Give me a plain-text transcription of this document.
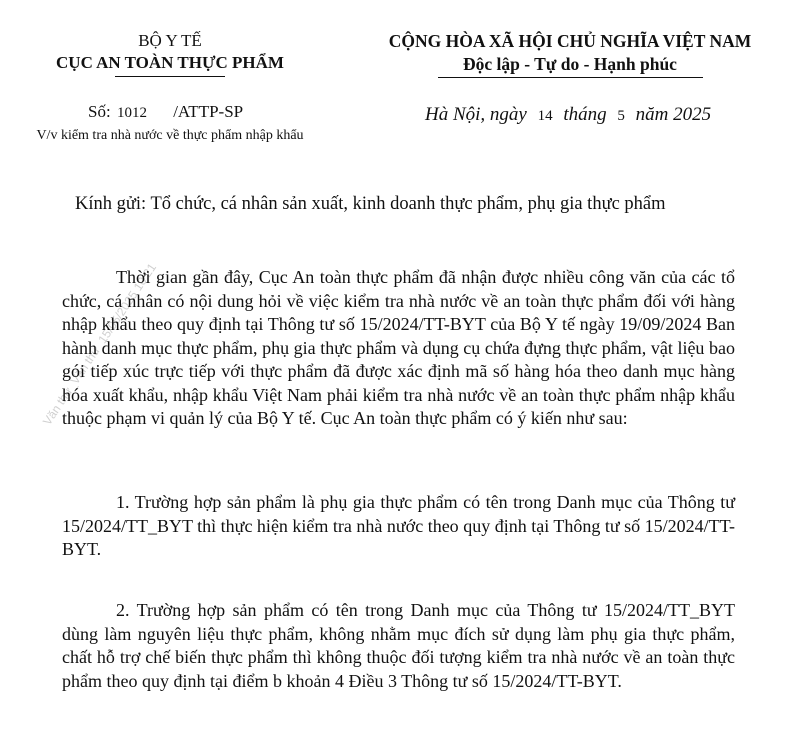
BỘ Y TẾ
CỤC AN TOÀN THỰC PHẨM
CỘNG HÒA XÃ HỘI CHỦ NGHĨA VIỆT NAM
Độc lập - Tự do - Hạnh phúc
Số: 1012 /ATTP-SP
V/v kiểm tra nhà nước về thực phẩm nhập khẩu
Hà Nội, ngày 14 tháng 5 năm 2025
Kính gửi: Tổ chức, cá nhân sản xuất, kinh doanh thực phẩm, phụ gia thực phẩm
Văn thư_Văn thư_15/05/2025 10:21

Thời gian gần đây, Cục An toàn thực phẩm đã nhận được nhiều công văn của các tổ chức, cá nhân có nội dung hỏi về việc kiểm tra nhà nước về an toàn thực phẩm đối với hàng nhập khẩu theo quy định tại Thông tư số 15/2024/TT-BYT của Bộ Y tế ngày 19/09/2024 Ban hành danh mục thực phẩm, phụ gia thực phẩm và dụng cụ chứa đựng thực phẩm, vật liệu bao gói tiếp xúc trực tiếp với thực phẩm đã được xác định mã số hàng hóa theo danh mục hàng hóa xuất khẩu, nhập khẩu Việt Nam phải kiểm tra nhà nước về an toàn thực phẩm nhập khẩu thuộc phạm vi quản lý của Bộ Y tế. Cục An toàn thực phẩm có ý kiến như sau:

1. Trường hợp sản phẩm là phụ gia thực phẩm có tên trong Danh mục của Thông tư 15/2024/TT_BYT thì thực hiện kiểm tra nhà nước theo quy định tại Thông tư số 15/2024/TT-BYT.

2. Trường hợp sản phẩm có tên trong Danh mục của Thông tư 15/2024/TT_BYT dùng làm nguyên liệu thực phẩm, không nhằm mục đích sử dụng làm phụ gia thực phẩm, chất hỗ trợ chế biến thực phẩm thì không thuộc đối tượng kiểm tra nhà nước về an toàn thực phẩm theo quy định tại điểm b khoản 4 Điều 3 Thông tư số 15/2024/TT-BYT.
